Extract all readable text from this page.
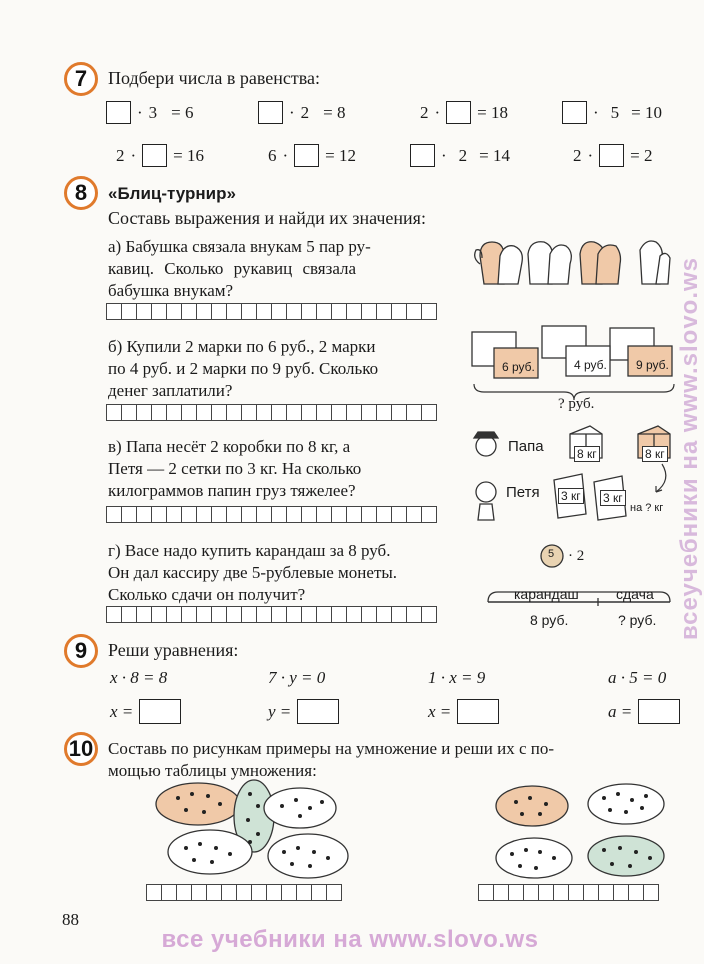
7	Подбери числа в равенства:
· 3 = 6	· 2 = 8	2 · = 18	· 5 = 10
2 · = 16	6 · = 12	· 2 = 14	2 · = 2
8	«Блиц-турнир»
Составь выражения и найди их значения:
а) Бабушка связала внукам 5 пар ру-
кавиц. Сколько рукавиц связала
бабушка внукам?
б) Купили 2 марки по 6 руб., 2 марки
по 4 руб. и 2 марки по 9 руб. Сколько
денег заплатили?
6 руб.	4 руб. 9 руб.
? руб.
в) Папа несёт 2 коробки по 8 кг, а
Петя — 2 сетки по 3 кг. На сколько
килограммов папин груз тяжелее?
Папа
Петя
8 кг	8 кг
3 кг 3 кг
на ? кг
г) Васе надо купить карандаш за 8 руб.
Он дал кассиру две 5-рублевые монеты.
Сколько сдачи он получит?
5 · 2
карандаш	сдача
8 руб.	? руб.
9	Реши уравнения:
x · 8 = 8	7 · y = 0	1 · x = 9	a · 5 = 0
x =	y =	x =	a =
10 Составь по рисункам примеры на умножение и реши их с по-
мощью таблицы умножения:
88
все учебники на www.slovo.ws
всеучебники на www.slovo.ws
